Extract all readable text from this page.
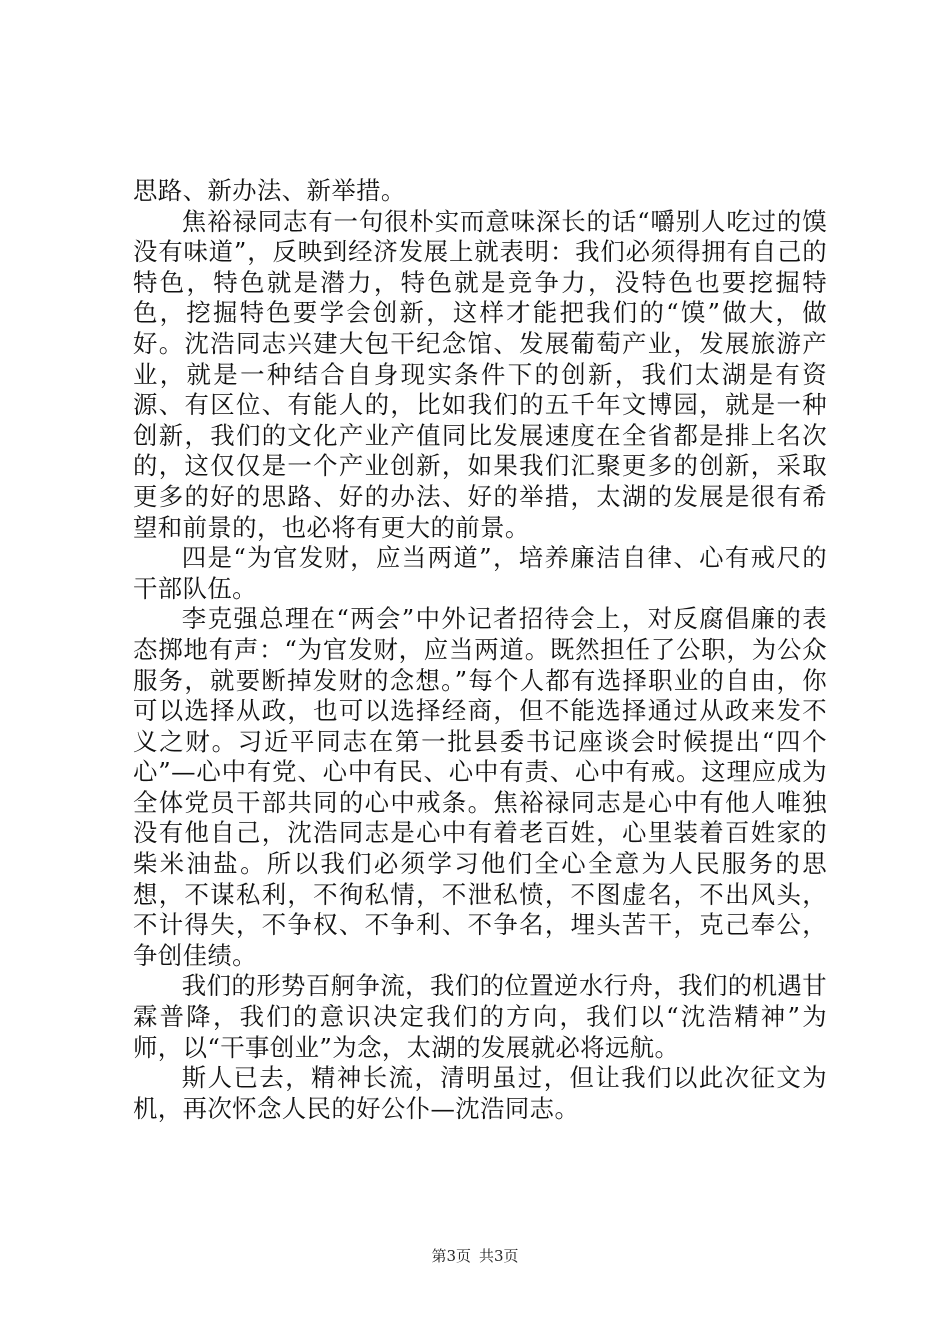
思路、新办法、新举措。

焦裕禄同志有一句很朴实而意味深长的话“嚼别人吃过的馍没有味道”，反映到经济发展上就表明：我们必须得拥有自己的特色，特色就是潜力，特色就是竞争力，没特色也要挖掘特色，挖掘特色要学会创新，这样才能把我们的“馍”做大，做好。沈浩同志兴建大包干纪念馆、发展葡萄产业，发展旅游产业，就是一种结合自身现实条件下的创新，我们太湖是有资源、有区位、有能人的，比如我们的五千年文博园，就是一种创新，我们的文化产业产值同比发展速度在全省都是排上名次的，这仅仅是一个产业创新，如果我们汇聚更多的创新，采取更多的好的思路、好的办法、好的举措，太湖的发展是很有希望和前景的，也必将有更大的前景。

四是“为官发财，应当两道”，培养廉洁自律、心有戒尺的干部队伍。

李克强总理在“两会”中外记者招待会上，对反腐倡廉的表态掷地有声：“为官发财，应当两道。既然担任了公职，为公众服务，就要断掉发财的念想。”每个人都有选择职业的自由，你可以选择从政，也可以选择经商，但不能选择通过从政来发不义之财。习近平同志在第一批县委书记座谈会时候提出“四个心”—心中有党、心中有民、心中有责、心中有戒。这理应成为全体党员干部共同的心中戒条。焦裕禄同志是心中有他人唯独没有他自己，沈浩同志是心中有着老百姓，心里装着百姓家的柴米油盐。所以我们必须学习他们全心全意为人民服务的思想，不谋私利，不徇私情，不泄私愤，不图虚名，不出风头，不计得失，不争权、不争利、不争名，埋头苦干，克己奉公，争创佳绩。

我们的形势百舸争流，我们的位置逆水行舟，我们的机遇甘霖普降，我们的意识决定我们的方向，我们以“沈浩精神”为师，以“干事创业”为念，太湖的发展就必将远航。

斯人已去，精神长流，清明虽过，但让我们以此次征文为机，再次怀念人民的好公仆—沈浩同志。

第3页 共3页
